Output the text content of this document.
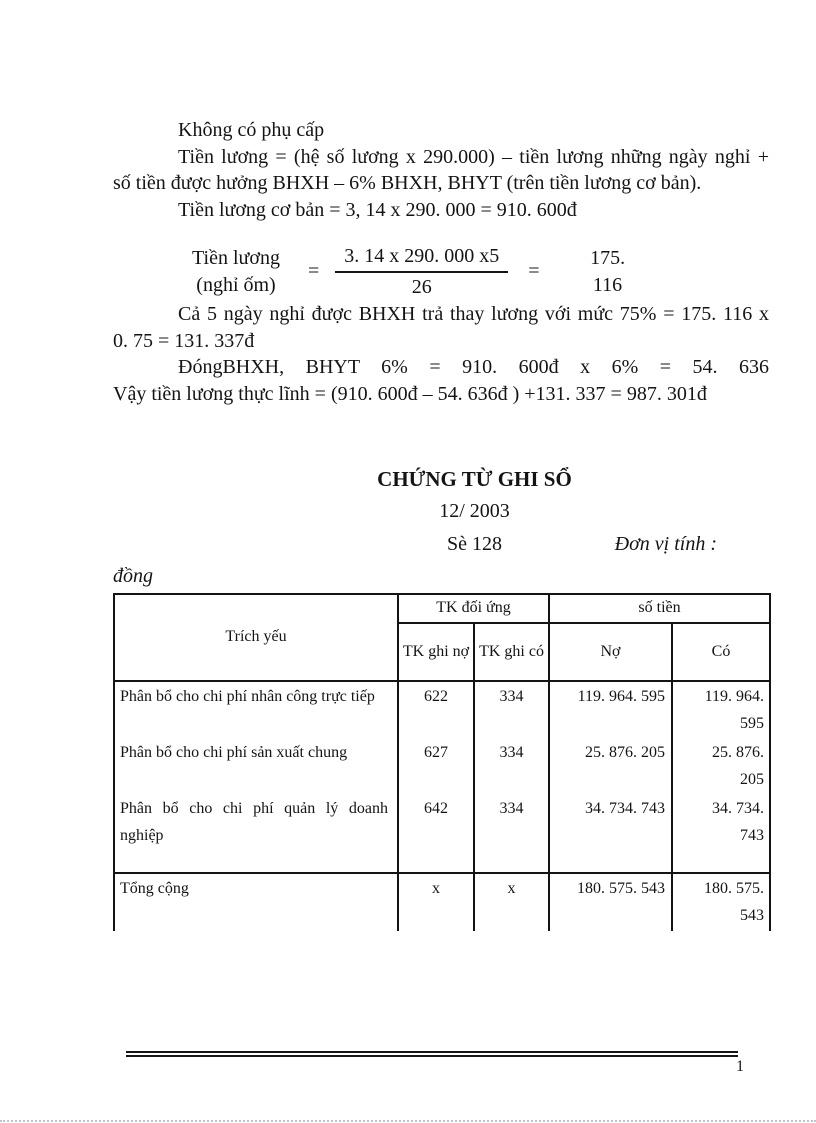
Không có phụ cấp
Tiền lương = (hệ số lương x 290.000) – tiền lương những ngày nghỉ +
số tiền được hưởng BHXH – 6% BHXH, BHYT (trên tiền lương cơ bản).
Tiền lương cơ bản = 3, 14 x 290. 000 = 910. 600đ
Tiền lương
(nghỉ ốm)
= $\frac{3. 14 x 290. 000 x5}{26}$ =
175.
116
Cả 5 ngày nghỉ được BHXH trả thay lương với mức 75% = 175. 116 x
0. 75 = 131. 337đ
ĐóngBHXH, BHYT 6% = 910. 600đ x 6% = 54. 636
Vậy tiền lương thực lĩnh = (910. 600đ – 54. 636đ ) +131. 337 = 987. 301đ
CHỨNG TỪ GHI SỔ
12/ 2003
Sè 128	Đơn vị tính :
đồng
Trích yếu	TK đối ứng		số tiền	
	TK ghi nợ	TK ghi có	Nợ	Có
Phân bổ cho chi phí nhân công trực tiếp	622	334	119. 964. 595	119. 964. 595
Phân bổ cho chi phí sản xuất chung	627	334	25. 876. 205	25. 876. 205
Phân bổ cho chi phí quản lý doanh nghiệp	642	334	34. 734. 743	34. 734. 743
Tổng cộng	x	x	180. 575. 543	180. 575. 543
1
